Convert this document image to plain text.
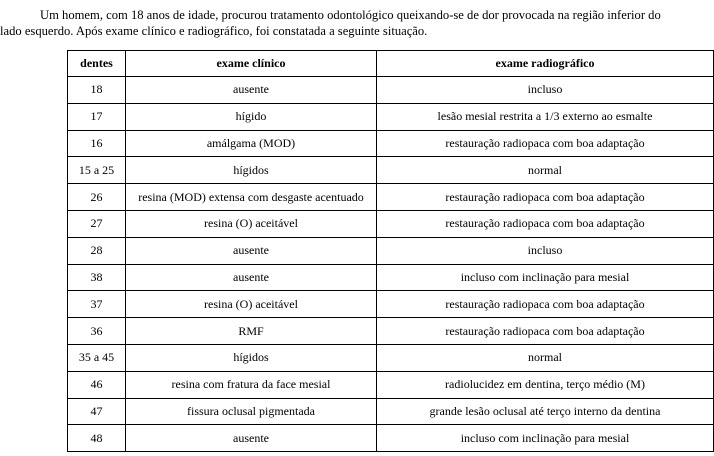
Um homem, com 18 anos de idade, procurou tratamento odontológico queixando-se de dor provocada na região inferior do
lado esquerdo. Após exame clínico e radiográfico, foi constatada a seguinte situação.
dentes	exame clínico	exame radiográfico
18	ausente	incluso
17	hígido	lesão mesial restrita a 1/3 externo ao esmalte
16	amálgama (MOD)	restauração radiopaca com boa adaptação
15 a 25	hígidos	normal
26	resina (MOD) extensa com desgaste acentuado	restauração radiopaca com boa adaptação
27	resina (O) aceitável	restauração radiopaca com boa adaptação
28	ausente	incluso
38	ausente	incluso com inclinação para mesial
37	resina (O) aceitável	restauração radiopaca com boa adaptação
36	RMF	restauração radiopaca com boa adaptação
35 a 45	hígidos	normal
46	resina com fratura da face mesial	radiolucidez em dentina, terço médio (M)
47	fissura oclusal pigmentada	grande lesão oclusal até terço interno da dentina
48	ausente	incluso com inclinação para mesial
